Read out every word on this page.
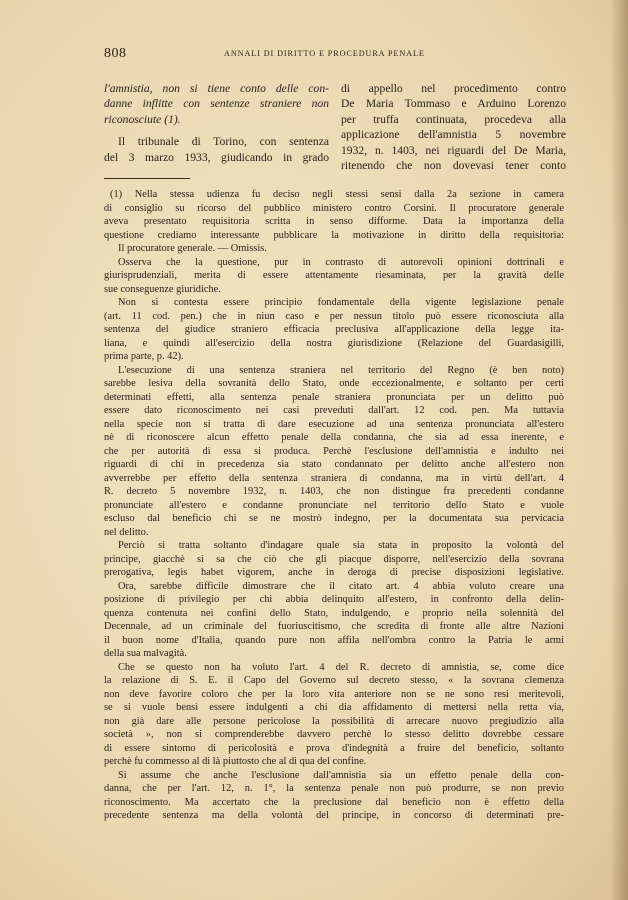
808	ANNALI DI DIRITTO E PROCEDURA PENALE
l'amnistia, non si tiene conto delle con-
danne inflitte con sentenze straniere non
riconosciute (1).
Il tribunale di Torino, con sentenza
del 3 marzo 1933, giudicando in grado
di appello nel procedimento contro
De Maria Tommaso e Arduino Lorenzo
per truffa continuata, procedeva alla
applicazione dell'amnistia 5 novembre
1932, n. 1403, nei riguardi del De Maria,
ritenendo che non dovevasi tener conto
(1) Nella stessa udienza fu deciso negli stessi sensi dalla 2a sezione in camera
di consiglio su ricorso del pubblico ministero contro Corsini. Il procuratore generale
aveva presentato requisitoria scritta in senso difforme. Data la importanza della
questione crediamo interessante pubblicare la motivazione in diritto della requisitoria:
Il procuratore generale. — Omissis.
Osserva che la questione, pur in contrasto di autorevoli opinioni dottrinali e
giurisprudenziali, merita di essere attentamente riesaminata, per la gravità delle
sue conseguenze giuridiche.
Non si contesta essere principio fondamentale della vigente legislazione penale
(art. 11 cod. pen.) che in niun caso e per nessun titolo può essere riconosciuta alla
sentenza del giudice straniero efficacia preclusiva all'applicazione della legge ita-
liana, e quindi all'esercizio della nostra giurisdizione (Relazione del Guardasigilli,
prima parte, p. 42).
L'esecuzione di una sentenza straniera nel territorio del Regno (è ben noto)
sarebbe lesiva della sovranità dello Stato, onde eccezionalmente, e soltanto per certi
determinati effetti, alla sentenza penale straniera pronunciata per un delitto può
essere dato riconoscimento nei casi preveduti dall'art. 12 cod. pen. Ma tuttavia
nella specie non si tratta di dare esecuzione ad una sentenza pronunciata all'estero
nè di riconoscere alcun effetto penale della condanna, che sia ad essa inerente, e
che per autorità di essa si produca. Perchè l'esclusione dell'amnistia e indulto nei
riguardi di chi in precedenza sia stato condannato per delitto anche all'estero non
avverrebbe per effetto della sentenza straniera di condanna, ma in virtù dell'art. 4
R. decreto 5 novembre 1932, n. 1403, che non distingue fra precedenti condanne
pronunciate all'estero e condanne pronunciate nel territorio dello Stato e vuole
escluso dal beneficio chi se ne mostrò indegno, per la documentata sua pervicacia
nel delitto.
Perciò si tratta soltanto d'indagare quale sia stata in proposito la volontà del
principe, giacchè si sa che ciò che gli piacque disporre, nell'esercizio della sovrana
prerogativa, legis habet vigorem, anche in deroga di precise disposizioni legislative.
Ora, sarebbe difficile dimostrare che il citato art. 4 abbia voluto creare una
posizione di privilegio per chi abbia delinquito all'estero, in confronto della delin-
quenza contenuta nei confini dello Stato, indulgendo, e proprio nella solennità del
Decennale, ad un criminale del fuoriuscitismo, che scredita di fronte alle altre Nazioni
il buon nome d'Italia, quando pure non affila nell'ombra contro la Patria le armi
della sua malvagità.
Che se questo non ha voluto l'art. 4 del R. decreto di amnistia, se, come dice
la relazione di S. E. il Capo del Governo sul decreto stesso, « la sovrana clemenza
non deve favorire coloro che per la loro vita anteriore non se ne sono resi meritevoli,
se si vuole bensì essere indulgenti a chi dia affidamento di mettersi nella retta via,
non già dare alle persone pericolose la possibilità di arrecare nuovo pregiudizio alla
società », non si comprenderebbe davvero perchè lo stesso delitto dovrebbe cessare
di essere sintomo di pericolosità e prova d'indegnità a fruire del beneficio, soltanto
perchè fu commesso al di là piuttosto che al di qua del confine.
Si assume che anche l'esclusione dall'amnistia sia un effetto penale della con-
danna, che per l'art. 12, n. 1°, la sentenza penale non può produrre, se non previo
riconoscimento. Ma accertato che la preclusione dal beneficio non è effetto della
precedente sentenza ma della volontà del principe, in concorso di determinati pre-
